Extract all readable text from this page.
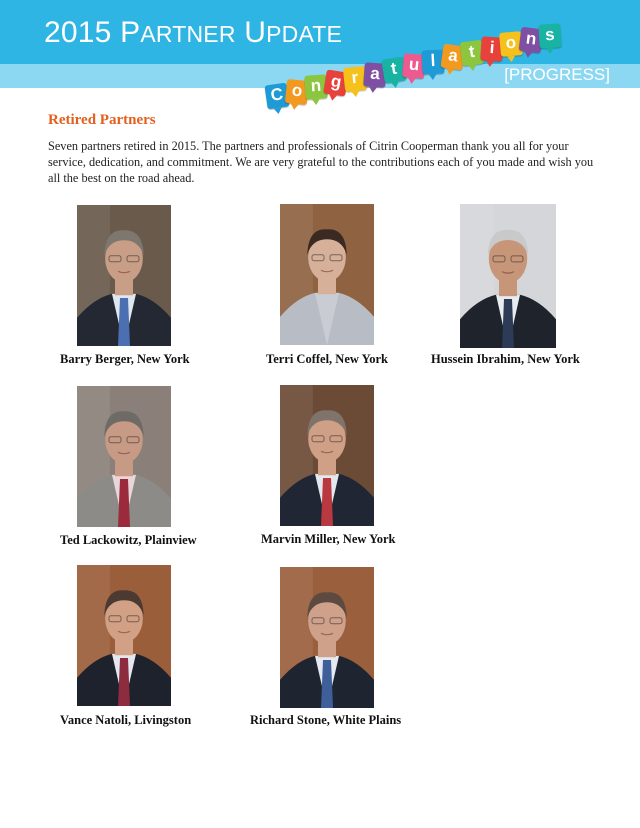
2015 PARTNER UPDATE
[PROGRESS]
C o n g r a t u l a t i o n s
Retired Partners

Seven partners retired in 2015. The partners and professionals of Citrin Cooperman thank you all for your service, dedication, and commitment. We are very grateful to the contributions each of you made and wish you all the best on the road ahead.

Barry Berger, New York	Terri Coffel, New York	Hussein Ibrahim, New York
Ted Lackowitz, Plainview	Marvin Miller, New York
Vance Natoli, Livingston	Richard Stone, White Plains
